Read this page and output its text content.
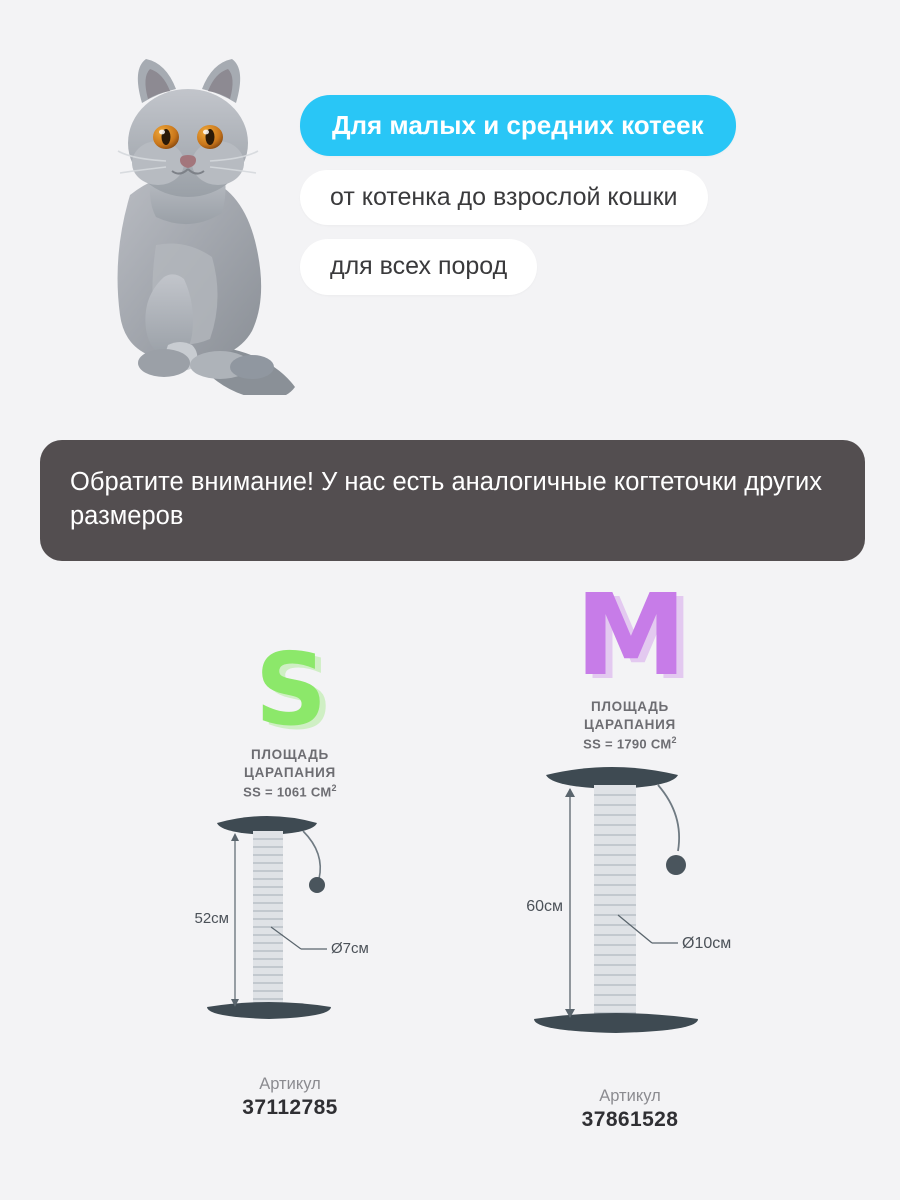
Для малых и средних котеек
от котенка до взрослой кошки
для всех пород
Обратите внимание! У нас есть аналогичные когтеточки других размеров
S
ПЛОЩАДЬ
ЦАРАПАНИЯ
SS = 1061 $СМ^2$
52см
Ø7см
Артикул
37112785
M
ПЛОЩАДЬ
ЦАРАПАНИЯ
SS = 1790 $СМ^2$
60см
Ø10см
Артикул
37861528
